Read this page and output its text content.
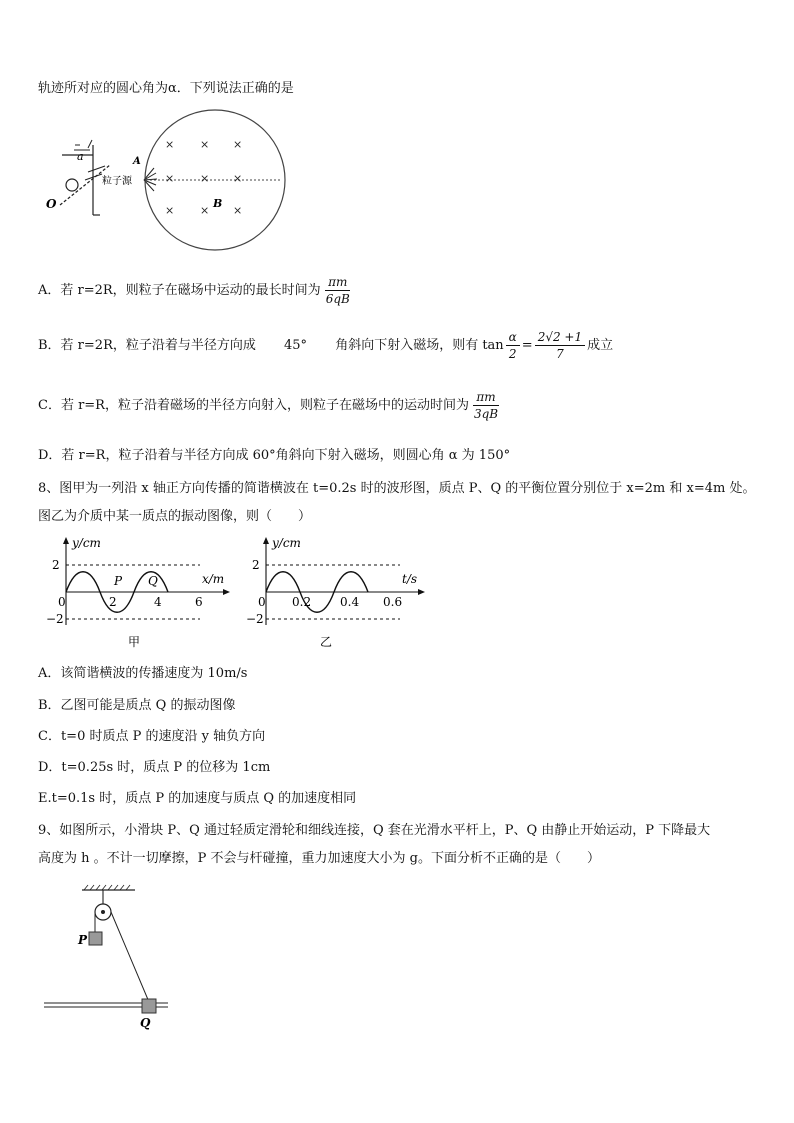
轨迹所对应的圆心角为α．下列说法正确的是
a
O
粒子源
A
× × ×
× × ×
× × ×
B
A．若 r=2R，则粒子在磁场中运动的最长时间为 $\frac{\pi m}{6qB}$
B．若 r=2R，粒子沿着与半径方向成 45° 角斜向下射入磁场，则有 $\tan \frac{\alpha}{2} = \frac{2√2 +1}{7}$ 成立
C．若 r=R，粒子沿着磁场的半径方向射入，则粒子在磁场中的运动时间为 $\frac{\pi m}{3qB}$
D．若 r=R，粒子沿着与半径方向成 60°角斜向下射入磁场，则圆心角 α 为 150°
8、图甲为一列沿 x 轴正方向传播的简谐横波在 t=0.2s 时的波形图，质点 P、Q 的平衡位置分别位于 x=2m 和 x=4m 处。
图乙为介质中某一质点的振动图像，则（　　）
y/cm
x/m
2
−2
0	2	4	6
P Q
甲
y/cm
t/s
2
−2
0 0.2 0.4 0.6
乙
A．该简谐横波的传播速度为 10m/s
B．乙图可能是质点 Q 的振动图像
C．t=0 时质点 P 的速度沿 y 轴负方向
D．t=0.25s 时，质点 P 的位移为 1cm
E.t=0.1s 时，质点 P 的加速度与质点 Q 的加速度相同
9、如图所示，小滑块 P、Q 通过轻质定滑轮和细线连接，Q 套在光滑水平杆上，P、Q 由静止开始运动，P 下降最大
高度为 h 。不计一切摩擦，P 不会与杆碰撞，重力加速度大小为 g。下面分析不正确的是（　　）
P
Q
